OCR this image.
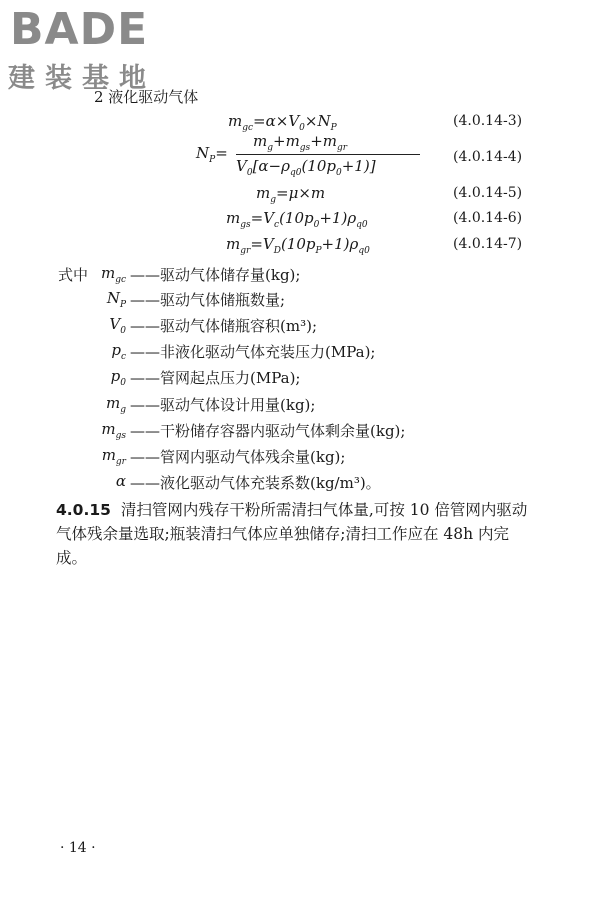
BADE
建装基地
2 液化驱动气体
$m_{gc}=\alpha\times V_0\times N_P$	(4.0.14-3)
$N_P=$
$m_g+m_{gs}+m_{gr}$
$V_0[\alpha-\rho_{q0}(10p_0+1)]$	(4.0.14-4)
$m_g=\mu\times m$	(4.0.14-5)
$m_{gs}=V_c(10p_0+1)\rho_{q0}$	(4.0.14-6)
$m_{gr}=V_D(10p_P+1)\rho_{q0}$	(4.0.14-7)
式中 $m_{gc}$ ——驱动气体储存量(kg);
$N_P$ ——驱动气体储瓶数量;
$V_0$ ——驱动气体储瓶容积(m³);
$p_c$ ——非液化驱动气体充装压力(MPa);
$p_0$ ——管网起点压力(MPa);
$m_g$ ——驱动气体设计用量(kg);
$m_{gs}$ ——干粉储存容器内驱动气体剩余量(kg);
$m_{gr}$ ——管网内驱动气体残余量(kg);
α ——液化驱动气体充装系数(kg/m³)。
4.0.15 清扫管网内残存干粉所需清扫气体量,可按 10 倍管网内驱动气体残余量选取;瓶装清扫气体应单独储存;清扫工作应在 48h 内完成。
· 14 ·
